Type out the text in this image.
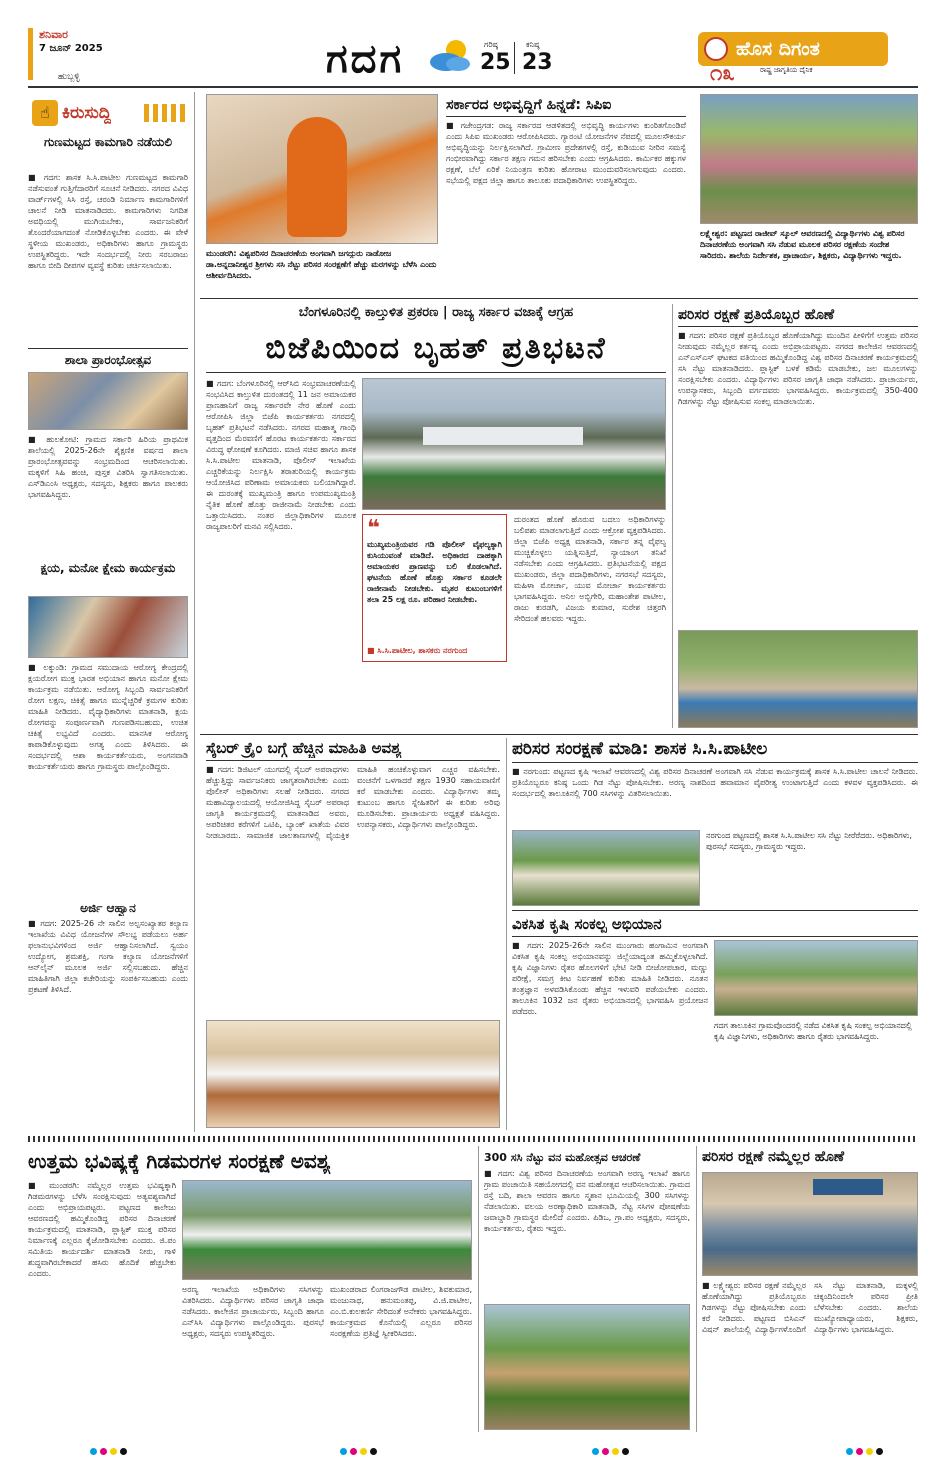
ಶನಿವಾರ
7 ಜೂನ್ 2025
ಹುಬ್ಬಳ್ಳಿ	ಗದಗ	ಗರಿಷ್ಠ
25
ಕನಿಷ್ಠ
23
ಹೊಸ ದಿಗಂತ
೧೩	ರಾಷ್ಟ್ರ ಜಾಗೃತಿಯ ದೈನಿಕ
☝ ಕಿರುಸುದ್ದಿ
ಗುಣಮಟ್ಟದ ಕಾಮಗಾರಿ ನಡೆಯಲಿ
■ ಗದಗ: ಶಾಸಕ ಸಿ.ಸಿ.ಪಾಟೀಲ ಗುಣಮಟ್ಟದ ಕಾಮಗಾರಿ ನಡೆಸುವಂತೆ ಗುತ್ತಿಗೆದಾರರಿಗೆ ಸೂಚನೆ ನೀಡಿದರು. ನಗರದ ವಿವಿಧ ವಾರ್ಡ್‌ಗಳಲ್ಲಿ ಸಿಸಿ ರಸ್ತೆ, ಚರಂಡಿ ನಿರ್ಮಾಣ ಕಾಮಗಾರಿಗಳಿಗೆ ಚಾಲನೆ ನೀಡಿ ಮಾತನಾಡಿದರು. ಕಾಮಗಾರಿಗಳು ನಿಗದಿತ ಅವಧಿಯಲ್ಲಿ ಮುಗಿಯಬೇಕು, ಸಾರ್ವಜನಿಕರಿಗೆ ತೊಂದರೆಯಾಗದಂತೆ ನೋಡಿಕೊಳ್ಳಬೇಕು ಎಂದರು. ಈ ವೇಳೆ ಸ್ಥಳೀಯ ಮುಖಂಡರು, ಅಧಿಕಾರಿಗಳು ಹಾಗೂ ಗ್ರಾಮಸ್ಥರು ಉಪಸ್ಥಿತರಿದ್ದರು. ಇದೇ ಸಂದರ್ಭದಲ್ಲಿ ನೀರು ಸರಬರಾಜು ಹಾಗೂ ಬೀದಿ ದೀಪಗಳ ವ್ಯವಸ್ಥೆ ಕುರಿತು ಚರ್ಚಿಸಲಾಯಿತು.
ಶಾಲಾ ಪ್ರಾರಂಭೋತ್ಸವ
■ ಹುಲಕೋಟಿ: ಗ್ರಾಮದ ಸರ್ಕಾರಿ ಹಿರಿಯ ಪ್ರಾಥಮಿಕ ಶಾಲೆಯಲ್ಲಿ 2025-26ನೇ ಶೈಕ್ಷಣಿಕ ವರ್ಷದ ಶಾಲಾ ಪ್ರಾರಂಭೋತ್ಸವವನ್ನು ಸಂಭ್ರಮದಿಂದ ಆಚರಿಸಲಾಯಿತು. ಮಕ್ಕಳಿಗೆ ಸಿಹಿ ಹಂಚಿ, ಪುಸ್ತಕ ವಿತರಿಸಿ ಸ್ವಾಗತಿಸಲಾಯಿತು. ಎಸ್‌ಡಿಎಂಸಿ ಅಧ್ಯಕ್ಷರು, ಸದಸ್ಯರು, ಶಿಕ್ಷಕರು ಹಾಗೂ ಪಾಲಕರು ಭಾಗವಹಿಸಿದ್ದರು.
ಕ್ಷಯ, ಮನೋ ಕ್ಷೇಮ ಕಾರ್ಯಕ್ರಮ
■ ಲಕ್ಕುಂಡಿ: ಗ್ರಾಮದ ಸಮುದಾಯ ಆರೋಗ್ಯ ಕೇಂದ್ರದಲ್ಲಿ ಕ್ಷಯರೋಗ ಮುಕ್ತ ಭಾರತ ಅಭಿಯಾನ ಹಾಗೂ ಮನೋ ಕ್ಷೇಮ ಕಾರ್ಯಕ್ರಮ ನಡೆಯಿತು. ಆರೋಗ್ಯ ಸಿಬ್ಬಂದಿ ಸಾರ್ವಜನಿಕರಿಗೆ ರೋಗ ಲಕ್ಷಣ, ಚಿಕಿತ್ಸೆ ಹಾಗೂ ಮುನ್ನೆಚ್ಚರಿಕೆ ಕ್ರಮಗಳ ಕುರಿತು ಮಾಹಿತಿ ನೀಡಿದರು. ವೈದ್ಯಾಧಿಕಾರಿಗಳು ಮಾತನಾಡಿ, ಕ್ಷಯ ರೋಗವನ್ನು ಸಂಪೂರ್ಣವಾಗಿ ಗುಣಪಡಿಸಬಹುದು, ಉಚಿತ ಚಿಕಿತ್ಸೆ ಲಭ್ಯವಿದೆ ಎಂದರು. ಮಾನಸಿಕ ಆರೋಗ್ಯ ಕಾಪಾಡಿಕೊಳ್ಳುವುದು ಅಗತ್ಯ ಎಂದು ತಿಳಿಸಿದರು. ಈ ಸಂದರ್ಭದಲ್ಲಿ ಆಶಾ ಕಾರ್ಯಕರ್ತೆಯರು, ಅಂಗನವಾಡಿ ಕಾರ್ಯಕರ್ತೆಯರು ಹಾಗೂ ಗ್ರಾಮಸ್ಥರು ಪಾಲ್ಗೊಂಡಿದ್ದರು.
ಅರ್ಜಿ ಆಹ್ವಾನ
■ ಗದಗ: 2025-26 ನೇ ಸಾಲಿನ ಅಲ್ಪಸಂಖ್ಯಾತರ ಕಲ್ಯಾಣ ಇಲಾಖೆಯ ವಿವಿಧ ಯೋಜನೆಗಳ ಸೌಲಭ್ಯ ಪಡೆಯಲು ಅರ್ಹ ಫಲಾನುಭವಿಗಳಿಂದ ಅರ್ಜಿ ಆಹ್ವಾನಿಸಲಾಗಿದೆ. ಸ್ವಯಂ ಉದ್ಯೋಗ, ಶ್ರಮಶಕ್ತಿ, ಗಂಗಾ ಕಲ್ಯಾಣ ಯೋಜನೆಗಳಿಗೆ ಆನ್‌ಲೈನ್ ಮೂಲಕ ಅರ್ಜಿ ಸಲ್ಲಿಸಬಹುದು. ಹೆಚ್ಚಿನ ಮಾಹಿತಿಗಾಗಿ ಜಿಲ್ಲಾ ಕಚೇರಿಯನ್ನು ಸಂಪರ್ಕಿಸಬಹುದು ಎಂದು ಪ್ರಕಟಣೆ ತಿಳಿಸಿದೆ.
ಮುಂಡರಗಿ: ವಿಶ್ವಪರಿಸರ ದಿನಾಚರಣೆಯ ಅಂಗವಾಗಿ ಜಗದ್ಗುರು ನಾಡೋಜ ಡಾ.ಅನ್ನದಾನೀಶ್ವರ ಶ್ರೀಗಳು ಸಸಿ ನೆಟ್ಟು ಪರಿಸರ ಸಂರಕ್ಷಣೆಗೆ ಹೆಚ್ಚು ಮರಗಳನ್ನು ಬೆಳೆಸಿ ಎಂದು ಆಶೀರ್ವದಿಸಿದರು.
ಸರ್ಕಾರದ ಅಭಿವೃದ್ಧಿಗೆ ಹಿನ್ನಡೆ: ಸಿಪಿಐ
■ ಗಜೇಂದ್ರಗಡ: ರಾಜ್ಯ ಸರ್ಕಾರದ ಆಡಳಿತದಲ್ಲಿ ಅಭಿವೃದ್ಧಿ ಕಾರ್ಯಗಳು ಕುಂಠಿತಗೊಂಡಿವೆ ಎಂದು ಸಿಪಿಐ ಮುಖಂಡರು ಆರೋಪಿಸಿದರು. ಗ್ಯಾರಂಟಿ ಯೋಜನೆಗಳ ನೆಪದಲ್ಲಿ ಮೂಲಸೌಕರ್ಯ ಅಭಿವೃದ್ಧಿಯನ್ನು ನಿರ್ಲಕ್ಷಿಸಲಾಗಿದೆ. ಗ್ರಾಮೀಣ ಪ್ರದೇಶಗಳಲ್ಲಿ ರಸ್ತೆ, ಕುಡಿಯುವ ನೀರಿನ ಸಮಸ್ಯೆ ಗಂಭೀರವಾಗಿದ್ದು ಸರ್ಕಾರ ತಕ್ಷಣ ಗಮನ ಹರಿಸಬೇಕು ಎಂದು ಆಗ್ರಹಿಸಿದರು. ಕಾರ್ಮಿಕರ ಹಕ್ಕುಗಳ ರಕ್ಷಣೆ, ಬೆಲೆ ಏರಿಕೆ ನಿಯಂತ್ರಣ ಕುರಿತು ಹೋರಾಟ ಮುಂದುವರಿಸಲಾಗುವುದು ಎಂದರು. ಸಭೆಯಲ್ಲಿ ಪಕ್ಷದ ಜಿಲ್ಲಾ ಹಾಗೂ ತಾಲೂಕು ಪದಾಧಿಕಾರಿಗಳು ಉಪಸ್ಥಿತರಿದ್ದರು.
ಲಕ್ಷ್ಮೇಶ್ವರ: ಪಟ್ಟಣದ ರಾಜೀವ್ ಸ್ಕೂಲ್ ಆವರಣದಲ್ಲಿ ವಿದ್ಯಾರ್ಥಿಗಳು ವಿಶ್ವ ಪರಿಸರ ದಿನಾಚರಣೆಯ ಅಂಗವಾಗಿ ಸಸಿ ನೆಡುವ ಮೂಲಕ ಪರಿಸರ ರಕ್ಷಣೆಯ ಸಂದೇಶ ಸಾರಿದರು. ಶಾಲೆಯ ನಿರ್ದೇಶಕ, ಪ್ರಾಚಾರ್ಯ, ಶಿಕ್ಷಕರು, ವಿದ್ಯಾರ್ಥಿಗಳು ಇದ್ದರು.
ಬೆಂಗಳೂರಿನಲ್ಲಿ ಕಾಲ್ತುಳಿತ ಪ್ರಕರಣ | ರಾಜ್ಯ ಸರ್ಕಾರ ವಜಾಕ್ಕೆ ಆಗ್ರಹ
ಬಿಜೆಪಿಯಿಂದ ಬೃಹತ್ ಪ್ರತಿಭಟನೆ
■ ಗದಗ: ಬೆಂಗಳೂರಿನಲ್ಲಿ ಆರ್‌ಸಿಬಿ ಸಂಭ್ರಮಾಚರಣೆಯಲ್ಲಿ ಸಂಭವಿಸಿದ ಕಾಲ್ತುಳಿತ ದುರಂತದಲ್ಲಿ 11 ಜನ ಅಮಾಯಕರ ಪ್ರಾಣಹಾನಿಗೆ ರಾಜ್ಯ ಸರ್ಕಾರವೇ ನೇರ ಹೊಣೆ ಎಂದು ಆರೋಪಿಸಿ ಜಿಲ್ಲಾ ಬಿಜೆಪಿ ಕಾರ್ಯಕರ್ತರು ನಗರದಲ್ಲಿ ಬೃಹತ್ ಪ್ರತಿಭಟನೆ ನಡೆಸಿದರು. ನಗರದ ಮಹಾತ್ಮ ಗಾಂಧಿ ವೃತ್ತದಿಂದ ಮೆರವಣಿಗೆ ಹೊರಟ ಕಾರ್ಯಕರ್ತರು ಸರ್ಕಾರದ ವಿರುದ್ಧ ಘೋಷಣೆ ಕೂಗಿದರು. ಮಾಜಿ ಸಚಿವ ಹಾಗೂ ಶಾಸಕ ಸಿ.ಸಿ.ಪಾಟೀಲ ಮಾತನಾಡಿ, ಪೊಲೀಸ್ ಇಲಾಖೆಯ ಎಚ್ಚರಿಕೆಯನ್ನು ನಿರ್ಲಕ್ಷಿಸಿ ತರಾತುರಿಯಲ್ಲಿ ಕಾರ್ಯಕ್ರಮ ಆಯೋಜಿಸಿದ ಪರಿಣಾಮ ಅಮಾಯಕರು ಬಲಿಯಾಗಿದ್ದಾರೆ. ಈ ದುರಂತಕ್ಕೆ ಮುಖ್ಯಮಂತ್ರಿ ಹಾಗೂ ಉಪಮುಖ್ಯಮಂತ್ರಿ ನೈತಿಕ ಹೊಣೆ ಹೊತ್ತು ರಾಜೀನಾಮೆ ನೀಡಬೇಕು ಎಂದು ಒತ್ತಾಯಿಸಿದರು. ನಂತರ ಜಿಲ್ಲಾಧಿಕಾರಿಗಳ ಮೂಲಕ ರಾಜ್ಯಪಾಲರಿಗೆ ಮನವಿ ಸಲ್ಲಿಸಿದರು.	❝
ಮುಖ್ಯಮಂತ್ರಿಯವರ ಗಡಿ ಪೊಲೀಸ್ ವೈಫಲ್ಯಕ್ಕಾಗಿ ಕುಸಿಯುವಂತೆ ಮಾಡಿದೆ. ಅಧಿಕಾರದ ದಾಹಕ್ಕಾಗಿ ಅಮಾಯಕರ ಪ್ರಾಣವನ್ನು ಬಲಿ ಕೊಡಲಾಗಿದೆ. ಘಟನೆಯ ಹೊಣೆ ಹೊತ್ತು ಸರ್ಕಾರ ಕೂಡಲೇ ರಾಜೀನಾಮೆ ನೀಡಬೇಕು. ಮೃತರ ಕುಟುಂಬಗಳಿಗೆ ತಲಾ 25 ಲಕ್ಷ ರೂ. ಪರಿಹಾರ ನೀಡಬೇಕು.
■ ಸಿ.ಸಿ.ಪಾಟೀಲ, ಶಾಸಕರು ನರಗುಂದ
ದುರಂತದ ಹೊಣೆ ಹೊರುವ ಬದಲು ಅಧಿಕಾರಿಗಳನ್ನು ಬಲಿಪಶು ಮಾಡಲಾಗುತ್ತಿದೆ ಎಂದು ಆಕ್ರೋಶ ವ್ಯಕ್ತಪಡಿಸಿದರು. ಜಿಲ್ಲಾ ಬಿಜೆಪಿ ಅಧ್ಯಕ್ಷ ಮಾತನಾಡಿ, ಸರ್ಕಾರ ತನ್ನ ವೈಫಲ್ಯ ಮುಚ್ಚಿಕೊಳ್ಳಲು ಯತ್ನಿಸುತ್ತಿದೆ, ನ್ಯಾಯಾಂಗ ತನಿಖೆ ನಡೆಸಬೇಕು ಎಂದು ಆಗ್ರಹಿಸಿದರು. ಪ್ರತಿಭಟನೆಯಲ್ಲಿ ಪಕ್ಷದ ಮುಖಂಡರು, ಜಿಲ್ಲಾ ಪದಾಧಿಕಾರಿಗಳು, ನಗರಸಭೆ ಸದಸ್ಯರು, ಮಹಿಳಾ ಮೋರ್ಚಾ, ಯುವ ಮೋರ್ಚಾ ಕಾರ್ಯಕರ್ತರು ಭಾಗವಹಿಸಿದ್ದರು. ಅನಿಲ ಅಬ್ಬಿಗೇರಿ, ಮಹಾಂತೇಶ ಪಾಟೀಲ, ರಾಜು ಕುರಡಗಿ, ವಿಜಯ ಕುಮಾರ, ಸುರೇಶ ಚಿತ್ತರಗಿ ಸೇರಿದಂತೆ ಹಲವರು ಇದ್ದರು.
ಪರಿಸರ ರಕ್ಷಣೆ ಪ್ರತಿಯೊಬ್ಬರ ಹೊಣೆ
■ ಗದಗ: ಪರಿಸರ ರಕ್ಷಣೆ ಪ್ರತಿಯೊಬ್ಬರ ಹೊಣೆಯಾಗಿದ್ದು ಮುಂದಿನ ಪೀಳಿಗೆಗೆ ಉತ್ತಮ ಪರಿಸರ ನೀಡುವುದು ನಮ್ಮೆಲ್ಲರ ಕರ್ತವ್ಯ ಎಂದು ಅಭಿಪ್ರಾಯಪಟ್ಟರು. ನಗರದ ಕಾಲೇಜಿನ ಆವರಣದಲ್ಲಿ ಎನ್‌ಎಸ್‌ಎಸ್ ಘಟಕದ ವತಿಯಿಂದ ಹಮ್ಮಿಕೊಂಡಿದ್ದ ವಿಶ್ವ ಪರಿಸರ ದಿನಾಚರಣೆ ಕಾರ್ಯಕ್ರಮದಲ್ಲಿ ಸಸಿ ನೆಟ್ಟು ಮಾತನಾಡಿದರು. ಪ್ಲಾಸ್ಟಿಕ್ ಬಳಕೆ ಕಡಿಮೆ ಮಾಡಬೇಕು, ಜಲ ಮೂಲಗಳನ್ನು ಸಂರಕ್ಷಿಸಬೇಕು ಎಂದರು. ವಿದ್ಯಾರ್ಥಿಗಳು ಪರಿಸರ ಜಾಗೃತಿ ಜಾಥಾ ನಡೆಸಿದರು. ಪ್ರಾಚಾರ್ಯರು, ಉಪನ್ಯಾಸಕರು, ಸಿಬ್ಬಂದಿ ವರ್ಗದವರು ಭಾಗವಹಿಸಿದ್ದರು. ಕಾರ್ಯಕ್ರಮದಲ್ಲಿ 350-400 ಗಿಡಗಳನ್ನು ನೆಟ್ಟು ಪೋಷಿಸುವ ಸಂಕಲ್ಪ ಮಾಡಲಾಯಿತು.
ಸೈಬರ್ ಕ್ರೈಂ ಬಗ್ಗೆ ಹೆಚ್ಚಿನ ಮಾಹಿತಿ ಅವಶ್ಯ
■ ಗದಗ: ಡಿಜಿಟಲ್ ಯುಗದಲ್ಲಿ ಸೈಬರ್ ಅಪರಾಧಗಳು ಹೆಚ್ಚುತ್ತಿದ್ದು ಸಾರ್ವಜನಿಕರು ಜಾಗೃತರಾಗಿರಬೇಕು ಎಂದು ಪೊಲೀಸ್ ಅಧಿಕಾರಿಗಳು ಸಲಹೆ ನೀಡಿದರು. ನಗರದ ಮಹಾವಿದ್ಯಾಲಯದಲ್ಲಿ ಆಯೋಜಿಸಿದ್ದ ಸೈಬರ್ ಅಪರಾಧ ಜಾಗೃತಿ ಕಾರ್ಯಕ್ರಮದಲ್ಲಿ ಮಾತನಾಡಿದ ಅವರು, ಅಪರಿಚಿತರ ಕರೆಗಳಿಗೆ ಒಟಿಪಿ, ಬ್ಯಾಂಕ್ ಖಾತೆಯ ವಿವರ ನೀಡಬಾರದು. ಸಾಮಾಜಿಕ ಜಾಲತಾಣಗಳಲ್ಲಿ ವೈಯಕ್ತಿಕ ಮಾಹಿತಿ ಹಂಚಿಕೊಳ್ಳುವಾಗ ಎಚ್ಚರ ವಹಿಸಬೇಕು. ವಂಚನೆಗೆ ಒಳಗಾದರೆ ತಕ್ಷಣ 1930 ಸಹಾಯವಾಣಿಗೆ ಕರೆ ಮಾಡಬೇಕು ಎಂದರು. ವಿದ್ಯಾರ್ಥಿಗಳು ತಮ್ಮ ಕುಟುಂಬ ಹಾಗೂ ಸ್ನೇಹಿತರಿಗೆ ಈ ಕುರಿತು ಅರಿವು ಮೂಡಿಸಬೇಕು. ಪ್ರಾಚಾರ್ಯರು ಅಧ್ಯಕ್ಷತೆ ವಹಿಸಿದ್ದರು. ಉಪನ್ಯಾಸಕರು, ವಿದ್ಯಾರ್ಥಿಗಳು ಪಾಲ್ಗೊಂಡಿದ್ದರು.
ಪರಿಸರ ಸಂರಕ್ಷಣೆ ಮಾಡಿ: ಶಾಸಕ ಸಿ.ಸಿ.ಪಾಟೀಲ
■ ನರಗುಂದ: ಪಟ್ಟಣದ ಕೃಷಿ ಇಲಾಖೆ ಆವರಣದಲ್ಲಿ ವಿಶ್ವ ಪರಿಸರ ದಿನಾಚರಣೆ ಅಂಗವಾಗಿ ಸಸಿ ನೆಡುವ ಕಾರ್ಯಕ್ರಮಕ್ಕೆ ಶಾಸಕ ಸಿ.ಸಿ.ಪಾಟೀಲ ಚಾಲನೆ ನೀಡಿದರು. ಪ್ರತಿಯೊಬ್ಬರೂ ಕನಿಷ್ಠ ಒಂದು ಗಿಡ ನೆಟ್ಟು ಪೋಷಿಸಬೇಕು. ಅರಣ್ಯ ನಾಶದಿಂದ ಹವಾಮಾನ ವೈಪರೀತ್ಯ ಉಂಟಾಗುತ್ತಿದೆ ಎಂದು ಕಳವಳ ವ್ಯಕ್ತಪಡಿಸಿದರು. ಈ ಸಂದರ್ಭದಲ್ಲಿ ತಾಲೂಕಿನಲ್ಲಿ 700 ಸಸಿಗಳನ್ನು ವಿತರಿಸಲಾಯಿತು.
ನರಗುಂದ ಪಟ್ಟಣದಲ್ಲಿ ಶಾಸಕ ಸಿ.ಸಿ.ಪಾಟೀಲ ಸಸಿ ನೆಟ್ಟು ನೀರೆರೆದರು. ಅಧಿಕಾರಿಗಳು, ಪುರಸಭೆ ಸದಸ್ಯರು, ಗ್ರಾಮಸ್ಥರು ಇದ್ದರು.
ವಿಕಸಿತ ಕೃಷಿ ಸಂಕಲ್ಪ ಅಭಿಯಾನ
■ ಗದಗ: 2025-26ನೇ ಸಾಲಿನ ಮುಂಗಾರು ಹಂಗಾಮಿನ ಅಂಗವಾಗಿ ವಿಕಸಿತ ಕೃಷಿ ಸಂಕಲ್ಪ ಅಭಿಯಾನವನ್ನು ಜಿಲ್ಲೆಯಾದ್ಯಂತ ಹಮ್ಮಿಕೊಳ್ಳಲಾಗಿದೆ. ಕೃಷಿ ವಿಜ್ಞಾನಿಗಳು ರೈತರ ಹೊಲಗಳಿಗೆ ಭೇಟಿ ನೀಡಿ ಬೀಜೋಪಚಾರ, ಮಣ್ಣು ಪರೀಕ್ಷೆ, ಸಮಗ್ರ ಕೀಟ ನಿರ್ವಹಣೆ ಕುರಿತು ಮಾಹಿತಿ ನೀಡಿದರು. ನೂತನ ತಂತ್ರಜ್ಞಾನ ಅಳವಡಿಸಿಕೊಂಡು ಹೆಚ್ಚಿನ ಇಳುವರಿ ಪಡೆಯಬೇಕು ಎಂದರು. ತಾಲೂಕಿನ 1032 ಜನ ರೈತರು ಅಭಿಯಾನದಲ್ಲಿ ಭಾಗವಹಿಸಿ ಪ್ರಯೋಜನ ಪಡೆದರು.
ಗದಗ ತಾಲೂಕಿನ ಗ್ರಾಮವೊಂದರಲ್ಲಿ ನಡೆದ ವಿಕಸಿತ ಕೃಷಿ ಸಂಕಲ್ಪ ಅಭಿಯಾನದಲ್ಲಿ ಕೃಷಿ ವಿಜ್ಞಾನಿಗಳು, ಅಧಿಕಾರಿಗಳು ಹಾಗೂ ರೈತರು ಭಾಗವಹಿಸಿದ್ದರು.
ಉತ್ತಮ ಭವಿಷ್ಯಕ್ಕೆ ಗಿಡಮರಗಳ ಸಂರಕ್ಷಣೆ ಅವಶ್ಯ
■ ಮುಂಡರಗಿ: ನಮ್ಮೆಲ್ಲರ ಉತ್ತಮ ಭವಿಷ್ಯಕ್ಕಾಗಿ ಗಿಡಮರಗಳನ್ನು ಬೆಳೆಸಿ ಸಂರಕ್ಷಿಸುವುದು ಅತ್ಯವಶ್ಯವಾಗಿದೆ ಎಂದು ಅಭಿಪ್ರಾಯಪಟ್ಟರು. ಪಟ್ಟಣದ ಕಾಲೇಜು ಆವರಣದಲ್ಲಿ ಹಮ್ಮಿಕೊಂಡಿದ್ದ ಪರಿಸರ ದಿನಾಚರಣೆ ಕಾರ್ಯಕ್ರಮದಲ್ಲಿ ಮಾತನಾಡಿ, ಪ್ಲಾಸ್ಟಿಕ್ ಮುಕ್ತ ಪರಿಸರ ನಿರ್ಮಾಣಕ್ಕೆ ಎಲ್ಲರೂ ಕೈಜೋಡಿಸಬೇಕು ಎಂದರು. ಜಿ.ಪಂ ಸಮಿತಿಯ ಕಾರ್ಯದರ್ಶಿ ಮಾತನಾಡಿ ನೀರು, ಗಾಳಿ ಶುದ್ಧವಾಗಿರಬೇಕಾದರೆ ಹಸಿರು ಹೊದಿಕೆ ಹೆಚ್ಚಬೇಕು ಎಂದರು.
ಅರಣ್ಯ ಇಲಾಖೆಯ ಅಧಿಕಾರಿಗಳು ಸಸಿಗಳನ್ನು ವಿತರಿಸಿದರು. ವಿದ್ಯಾರ್ಥಿಗಳು ಪರಿಸರ ಜಾಗೃತಿ ಜಾಥಾ ನಡೆಸಿದರು. ಕಾಲೇಜಿನ ಪ್ರಾಚಾರ್ಯರು, ಸಿಬ್ಬಂದಿ ಹಾಗೂ ಎನ್‌ಸಿಸಿ ವಿದ್ಯಾರ್ಥಿಗಳು ಪಾಲ್ಗೊಂಡಿದ್ದರು. ಪುರಸಭೆ ಅಧ್ಯಕ್ಷರು, ಸದಸ್ಯರು ಉಪಸ್ಥಿತರಿದ್ದರು.
ಮುಖಂಡರಾದ ಲಿಂಗರಾಜಗೌಡ ಪಾಟೀಲ, ಶಿವಕುಮಾರ, ಮಂಜುನಾಥ, ಹನುಮಂತಪ್ಪ, ವಿ.ಜಿ.ಪಾಟೀಲ, ಎಂ.ಬಿ.ಕುಲಕರ್ಣಿ ಸೇರಿದಂತೆ ಅನೇಕರು ಭಾಗವಹಿಸಿದ್ದರು. ಕಾರ್ಯಕ್ರಮದ ಕೊನೆಯಲ್ಲಿ ಎಲ್ಲರೂ ಪರಿಸರ ಸಂರಕ್ಷಣೆಯ ಪ್ರತಿಜ್ಞೆ ಸ್ವೀಕರಿಸಿದರು.
300 ಸಸಿ ನೆಟ್ಟು ವನ ಮಹೋತ್ಸವ ಆಚರಣೆ
■ ಗದಗ: ವಿಶ್ವ ಪರಿಸರ ದಿನಾಚರಣೆಯ ಅಂಗವಾಗಿ ಅರಣ್ಯ ಇಲಾಖೆ ಹಾಗೂ ಗ್ರಾಮ ಪಂಚಾಯಿತಿ ಸಹಯೋಗದಲ್ಲಿ ವನ ಮಹೋತ್ಸವ ಆಚರಿಸಲಾಯಿತು. ಗ್ರಾಮದ ರಸ್ತೆ ಬದಿ, ಶಾಲಾ ಆವರಣ ಹಾಗೂ ಸ್ಮಶಾನ ಭೂಮಿಯಲ್ಲಿ 300 ಸಸಿಗಳನ್ನು ನೆಡಲಾಯಿತು. ವಲಯ ಅರಣ್ಯಾಧಿಕಾರಿ ಮಾತನಾಡಿ, ನೆಟ್ಟ ಸಸಿಗಳ ಪೋಷಣೆಯ ಜವಾಬ್ದಾರಿ ಗ್ರಾಮಸ್ಥರ ಮೇಲಿದೆ ಎಂದರು. ಪಿಡಿಒ, ಗ್ರಾ.ಪಂ ಅಧ್ಯಕ್ಷರು, ಸದಸ್ಯರು, ಕಾರ್ಯಕರ್ತರು, ರೈತರು ಇದ್ದರು.
ಪರಿಸರ ರಕ್ಷಣೆ ನಮ್ಮೆಲ್ಲರ ಹೊಣೆ
■ ಲಕ್ಷ್ಮೇಶ್ವರ: ಪರಿಸರ ರಕ್ಷಣೆ ನಮ್ಮೆಲ್ಲರ ಹೊಣೆಯಾಗಿದ್ದು ಪ್ರತಿಯೊಬ್ಬರೂ ಗಿಡಗಳನ್ನು ನೆಟ್ಟು ಪೋಷಿಸಬೇಕು ಎಂದು ಕರೆ ನೀಡಿದರು. ಪಟ್ಟಣದ ಬಿಸಿಎನ್ ವಿಷನ್ ಶಾಲೆಯಲ್ಲಿ ವಿದ್ಯಾರ್ಥಿಗಳೊಂದಿಗೆ ಸಸಿ ನೆಟ್ಟು ಮಾತನಾಡಿ, ಮಕ್ಕಳಲ್ಲಿ ಚಿಕ್ಕಂದಿನಿಂದಲೇ ಪರಿಸರ ಪ್ರೀತಿ ಬೆಳೆಸಬೇಕು ಎಂದರು. ಶಾಲೆಯ ಮುಖ್ಯೋಪಾಧ್ಯಾಯರು, ಶಿಕ್ಷಕರು, ವಿದ್ಯಾರ್ಥಿಗಳು ಭಾಗವಹಿಸಿದ್ದರು.
